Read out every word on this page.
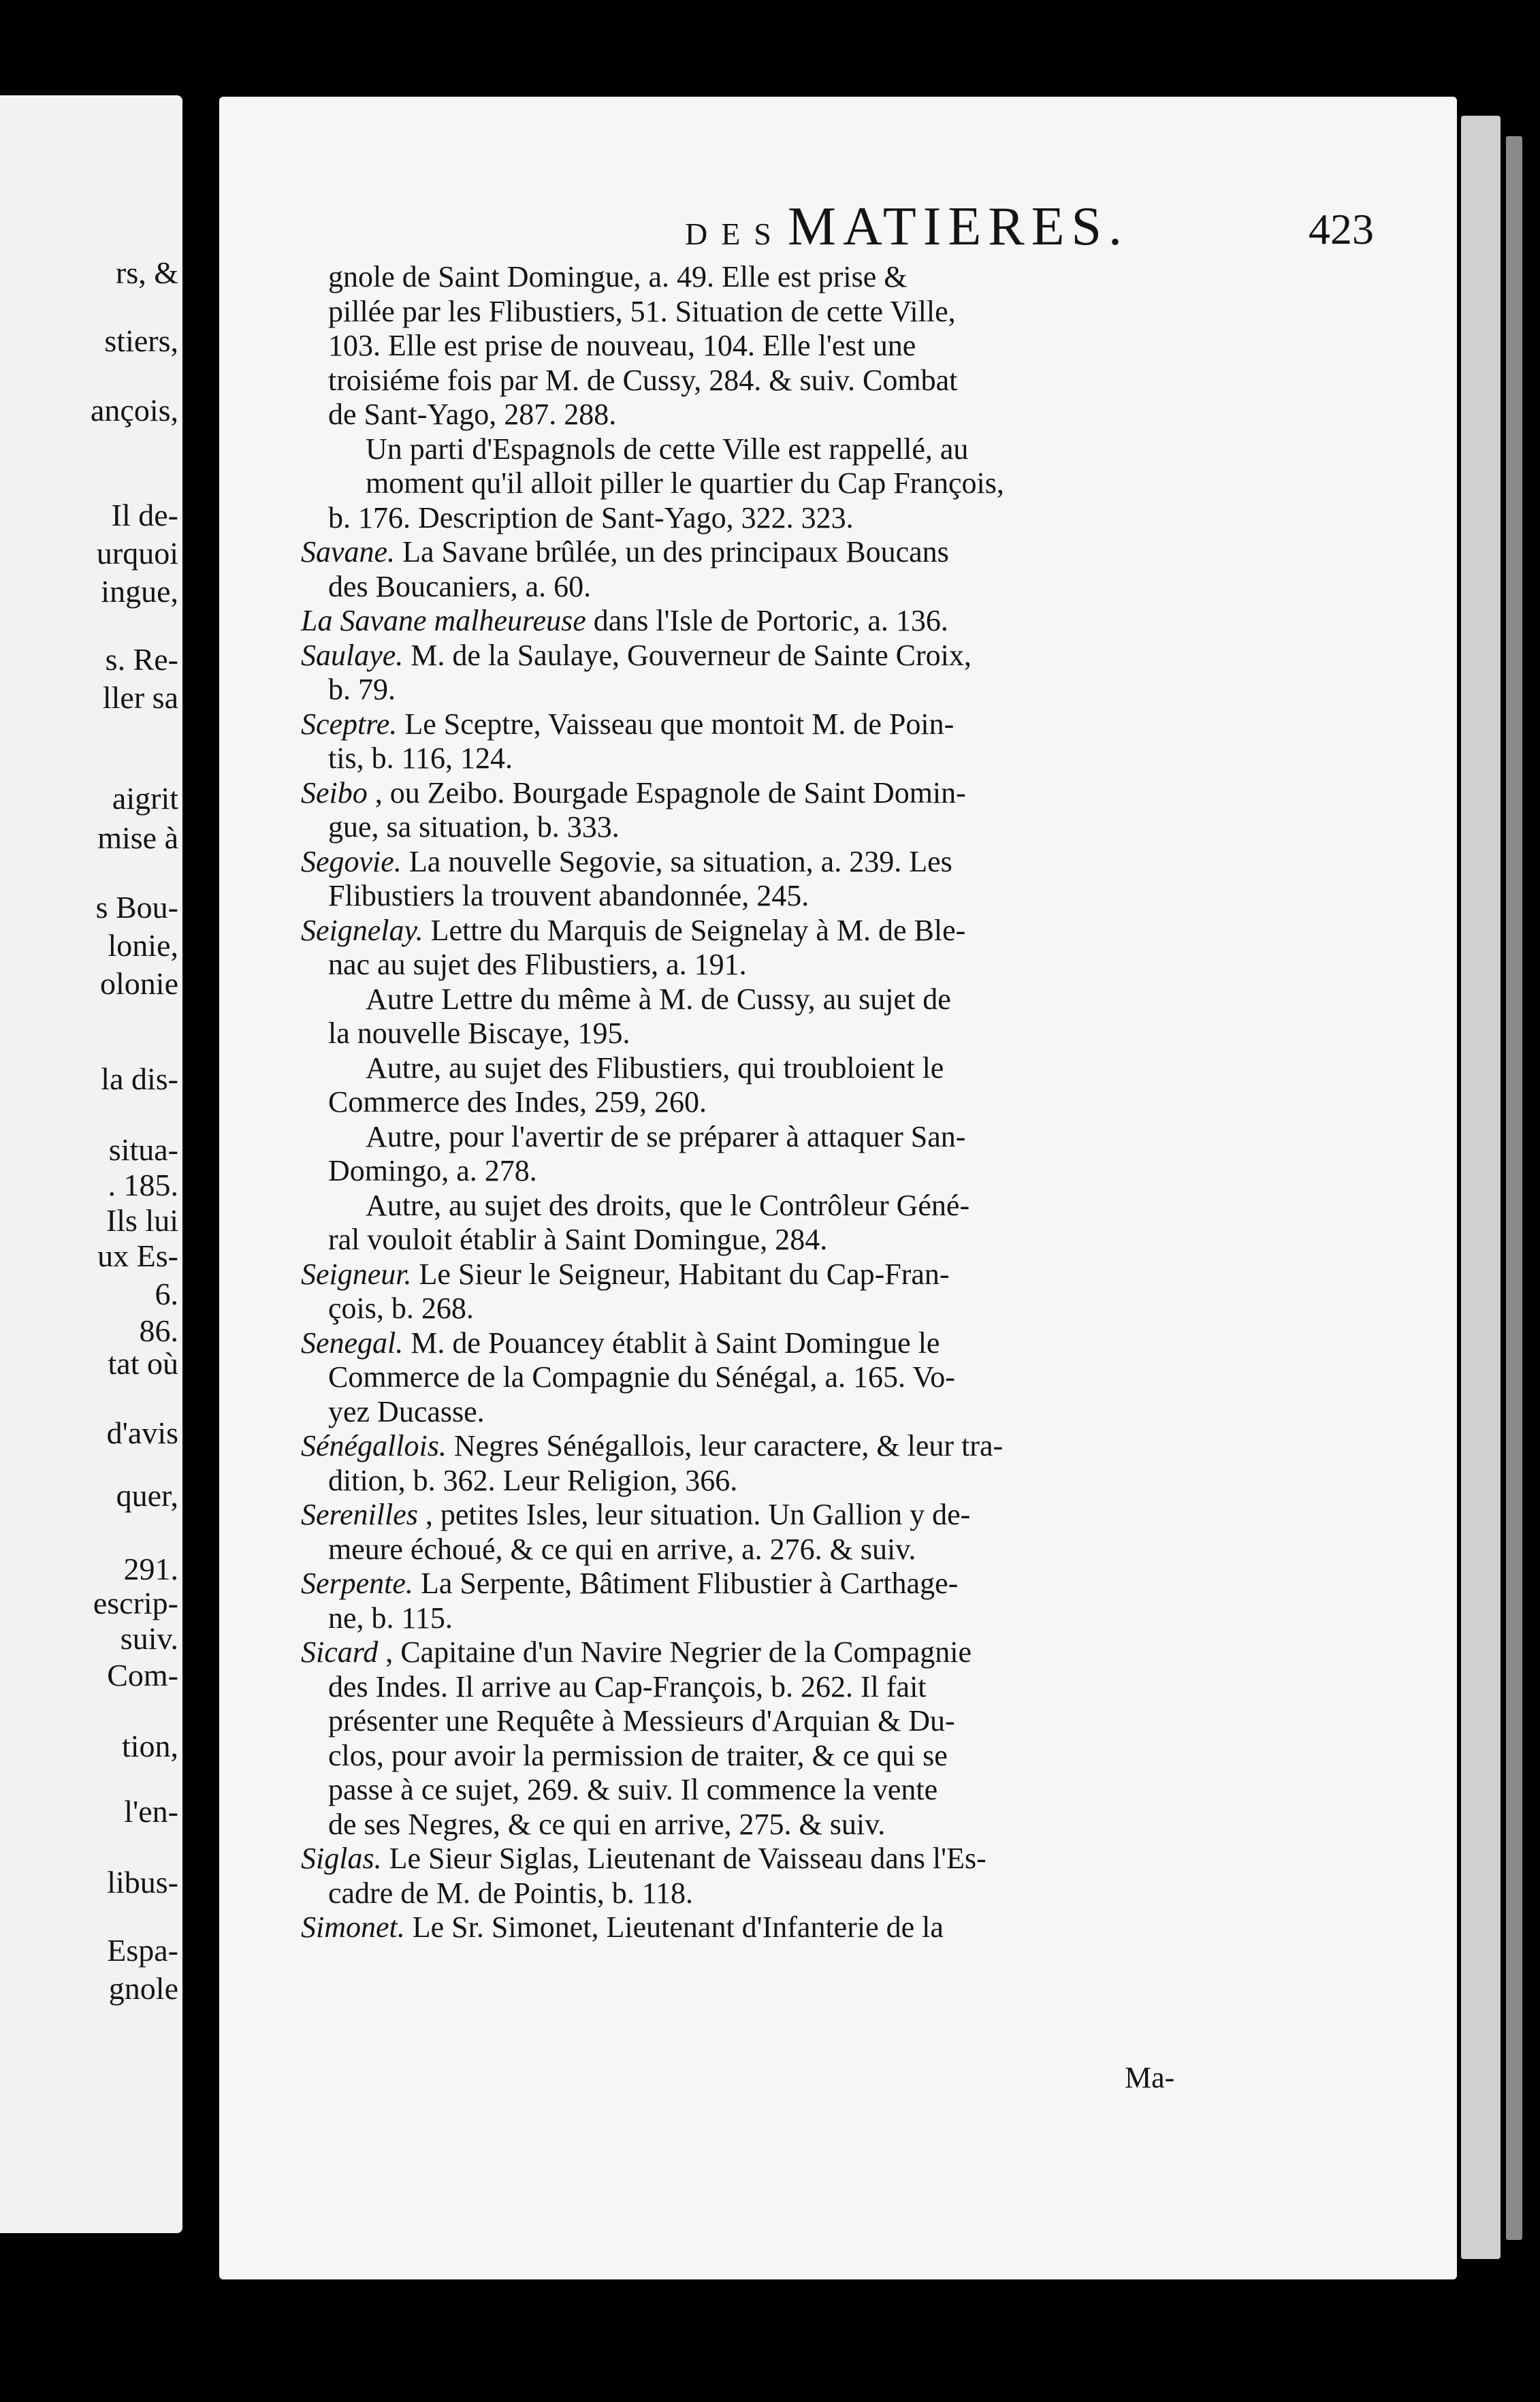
rs, &
stiers,
ançois,
Il de-
urquoi
ingue,
s. Re-
ller sa
aigrit
mise à
s Bou-
lonie,
olonie
la dis-
situa-
. 185.
Ils lui
ux Es-
6.
86.
tat où
d'avis
quer,
291.
escrip-
suiv.
Com-
tion,
l'en-
libus-
Espa-
gnole
DES MATIERES.	423
gnole de Saint Domingue, a. 49. Elle est prise &
pillée par les Flibustiers, 51. Situation de cette Ville,
103. Elle est prise de nouveau, 104. Elle l'est une
troisiéme fois par M. de Cussy, 284. & suiv. Combat
de Sant-Yago, 287. 288.
Un parti d'Espagnols de cette Ville est rappellé, au
moment qu'il alloit piller le quartier du Cap François,
b. 176. Description de Sant-Yago, 322. 323.
Savane. La Savane brûlée, un des principaux Boucans
des Boucaniers, a. 60.
La Savane malheureuse dans l'Isle de Portoric, a. 136.
Saulaye. M. de la Saulaye, Gouverneur de Sainte Croix,
b. 79.
Sceptre. Le Sceptre, Vaisseau que montoit M. de Poin-
tis, b. 116, 124.
Seibo , ou Zeibo. Bourgade Espagnole de Saint Domin-
gue, sa situation, b. 333.
Segovie. La nouvelle Segovie, sa situation, a. 239. Les
Flibustiers la trouvent abandonnée, 245.
Seignelay. Lettre du Marquis de Seignelay à M. de Ble-
nac au sujet des Flibustiers, a. 191.
Autre Lettre du même à M. de Cussy, au sujet de
la nouvelle Biscaye, 195.
Autre, au sujet des Flibustiers, qui troubloient le
Commerce des Indes, 259, 260.
Autre, pour l'avertir de se préparer à attaquer San-
Domingo, a. 278.
Autre, au sujet des droits, que le Contrôleur Géné-
ral vouloit établir à Saint Domingue, 284.
Seigneur. Le Sieur le Seigneur, Habitant du Cap-Fran-
çois, b. 268.
Senegal. M. de Pouancey établit à Saint Domingue le
Commerce de la Compagnie du Sénégal, a. 165. Vo-
yez Ducasse.
Sénégallois. Negres Sénégallois, leur caractere, & leur tra-
dition, b. 362. Leur Religion, 366.
Serenilles , petites Isles, leur situation. Un Gallion y de-
meure échoué, & ce qui en arrive, a. 276. & suiv.
Serpente. La Serpente, Bâtiment Flibustier à Carthage-
ne, b. 115.
Sicard , Capitaine d'un Navire Negrier de la Compagnie
des Indes. Il arrive au Cap-François, b. 262. Il fait
présenter une Requête à Messieurs d'Arquian & Du-
clos, pour avoir la permission de traiter, & ce qui se
passe à ce sujet, 269. & suiv. Il commence la vente
de ses Negres, & ce qui en arrive, 275. & suiv.
Siglas. Le Sieur Siglas, Lieutenant de Vaisseau dans l'Es-
cadre de M. de Pointis, b. 118.
Simonet. Le Sr. Simonet, Lieutenant d'Infanterie de la
Ma-
